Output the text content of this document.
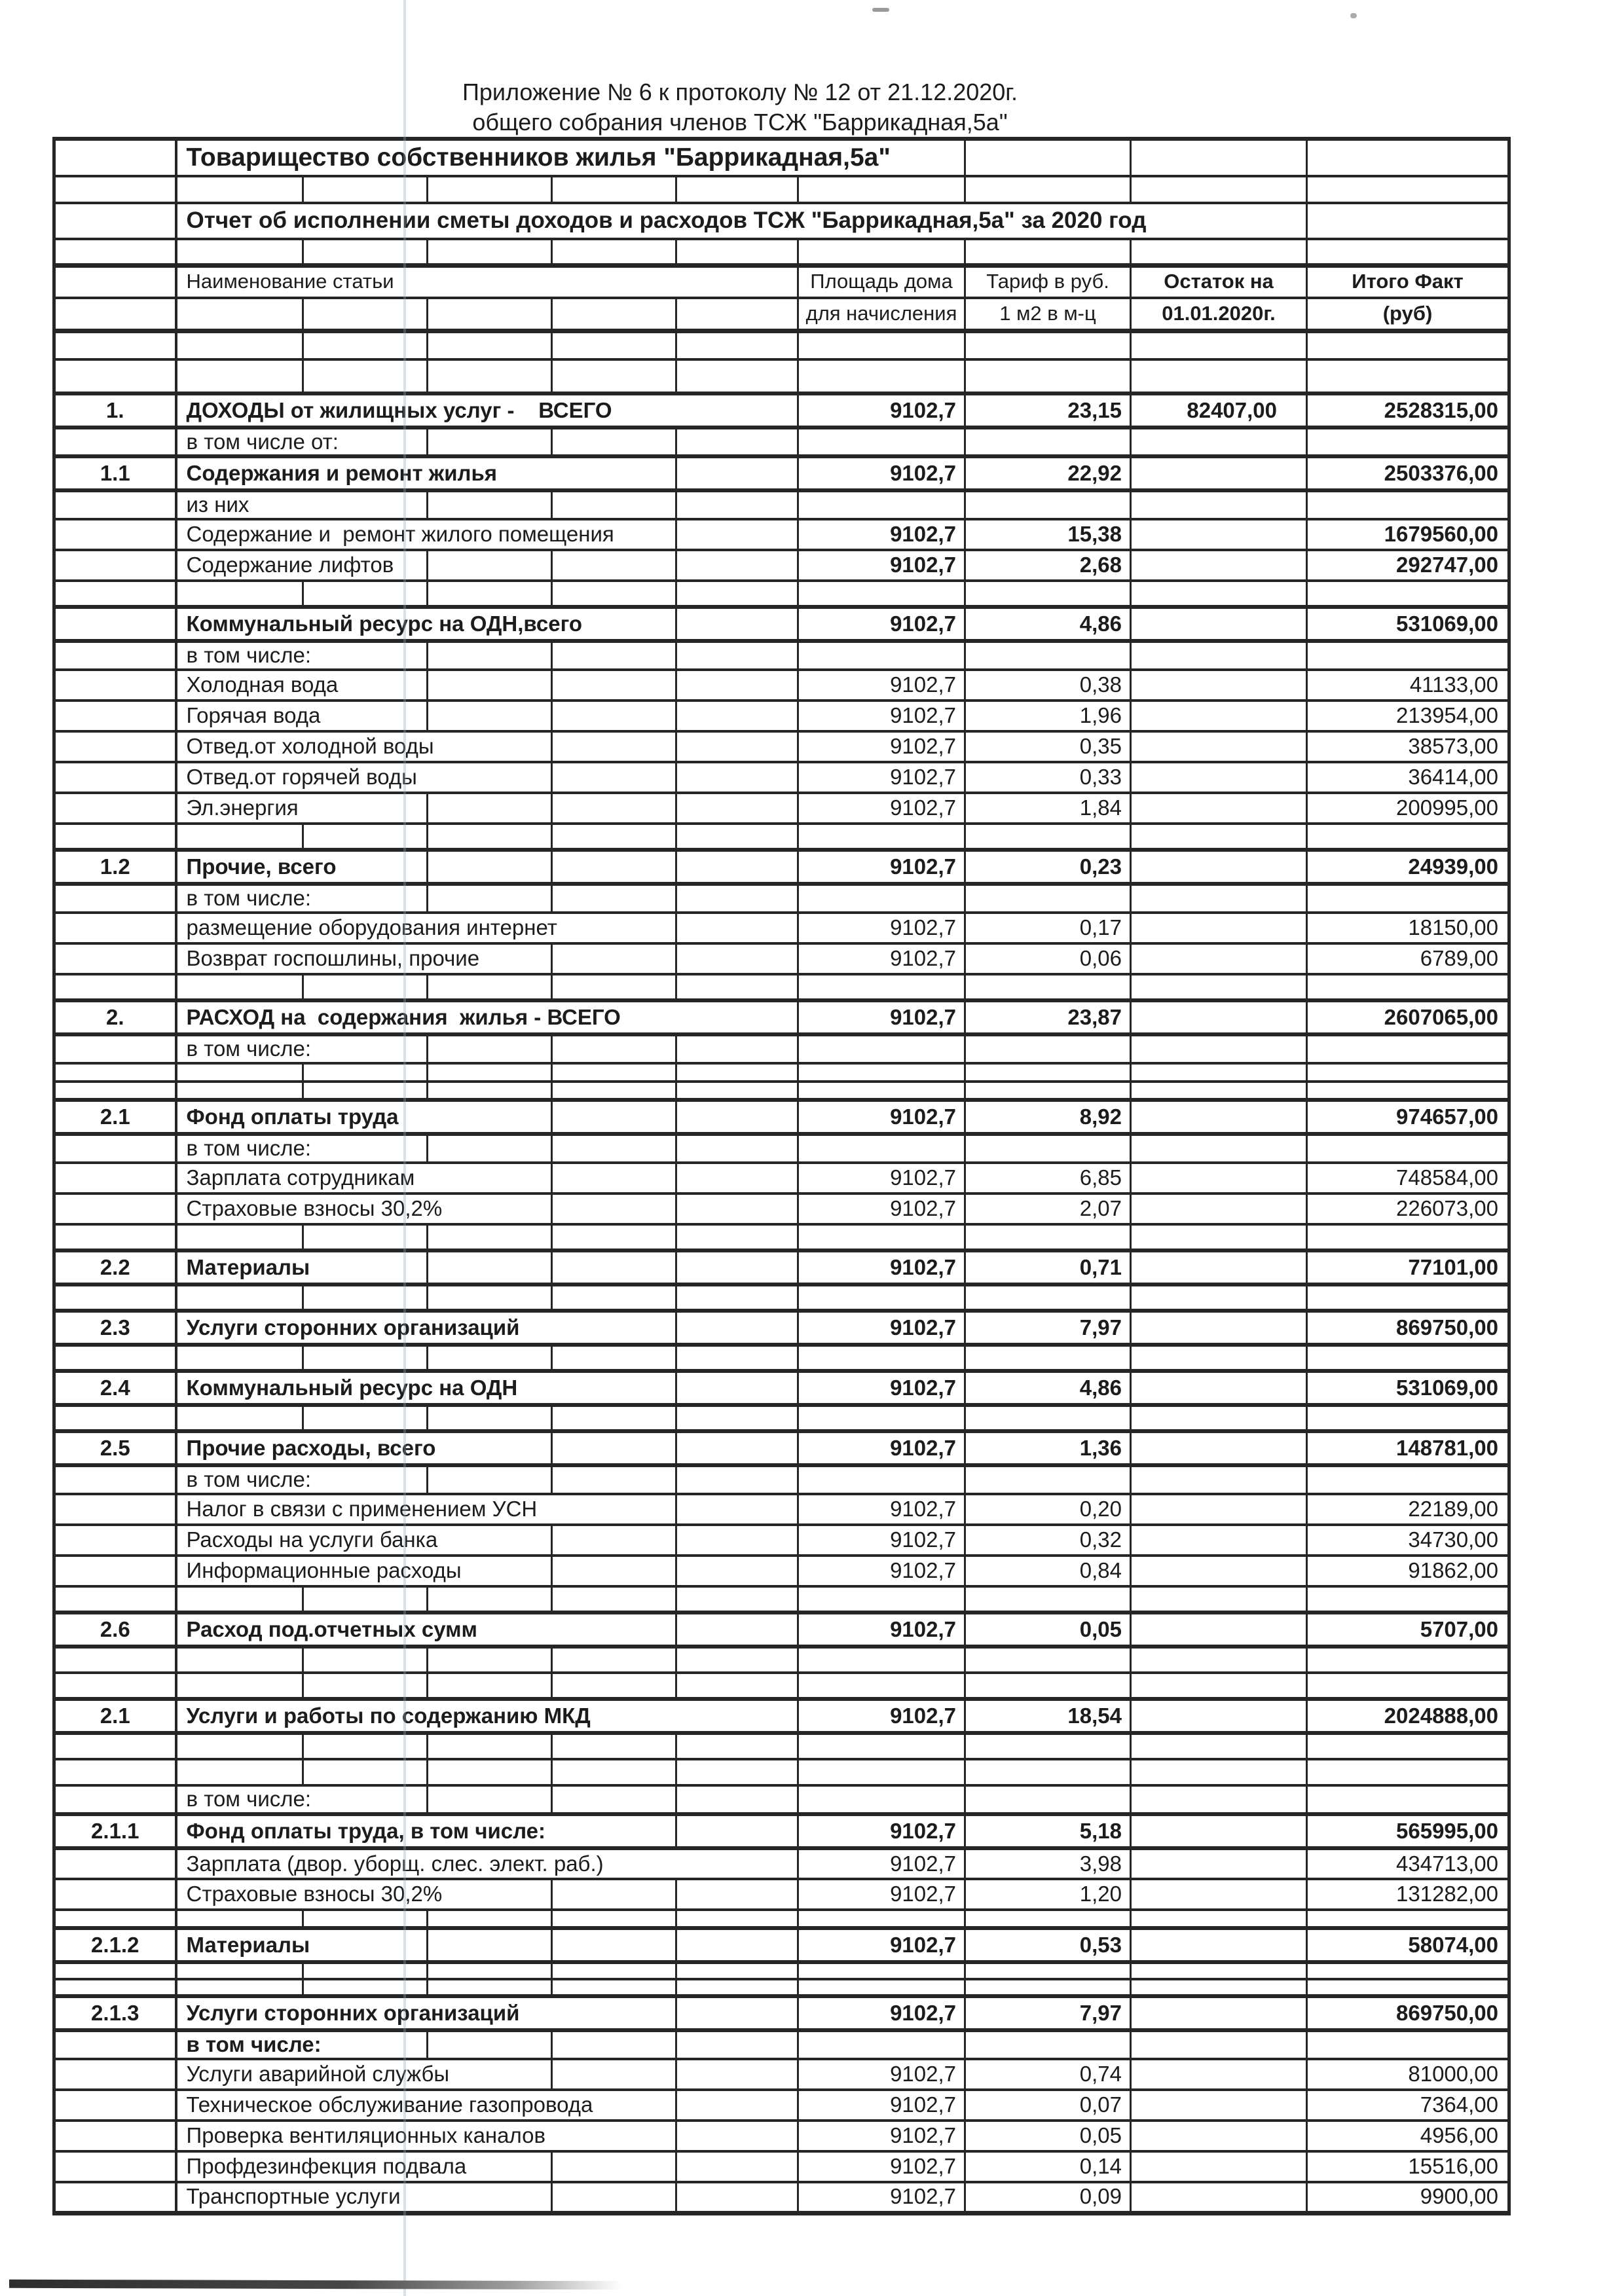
Приложение № 6 к протоколу № 12 от 21.12.2020г.

общего собрания членов ТСЖ "Баррикадная,5а"

	Товарищество собственников жилья "Баррикадная,5а"								

	Отчет об исполнении сметы доходов и расходов ТСЖ "Баррикадная,5а" за 2020 год								

	Наименование статьи					Площадь дома	Тариф в руб.	Остаток на	Итого Факт
						для начисления	1 м2 в м-ц	01.01.2020г.	(руб)

1.	ДОХОДЫ от жилищных услуг -    ВСЕГО					9102,7	23,15	82407,00	2528315,00
	в том числе от:								
1.1	Содержания и ремонт жилья					9102,7	22,92		2503376,00
	из них								
	Содержание и  ремонт жилого помещения					9102,7	15,38		1679560,00
	Содержание лифтов					9102,7	2,68		292747,00

	Коммунальный ресурс на ОДН,всего					9102,7	4,86		531069,00
	в том числе:								
	Холодная вода					9102,7	0,38		41133,00
	Горячая вода					9102,7	1,96		213954,00
	Отвед.от холодной воды					9102,7	0,35		38573,00
	Отвед.от горячей воды					9102,7	0,33		36414,00
	Эл.энергия					9102,7	1,84		200995,00

1.2	Прочие, всего					9102,7	0,23		24939,00
	в том числе:								
	размещение оборудования интернет					9102,7	0,17		18150,00
	Возврат госпошлины, прочие					9102,7	0,06		6789,00

2.	РАСХОД на  содержания  жилья - ВСЕГО					9102,7	23,87		2607065,00
	в том числе:								

2.1	Фонд оплаты труда					9102,7	8,92		974657,00
	в том числе:								
	Зарплата сотрудникам					9102,7	6,85		748584,00
	Страховые взносы 30,2%					9102,7	2,07		226073,00

2.2	Материалы					9102,7	0,71		77101,00

2.3	Услуги сторонних организаций					9102,7	7,97		869750,00

2.4	Коммунальный ресурс на ОДН					9102,7	4,86		531069,00

2.5	Прочие расходы, всего					9102,7	1,36		148781,00
	в том числе:								
	Налог в связи с применением УСН					9102,7	0,20		22189,00
	Расходы на услуги банка					9102,7	0,32		34730,00
	Информационные расходы					9102,7	0,84		91862,00

2.6	Расход под.отчетных сумм					9102,7	0,05		5707,00

2.1	Услуги и работы по содержанию МКД					9102,7	18,54		2024888,00

	в том числе:								
2.1.1	Фонд оплаты труда, в том числе:					9102,7	5,18		565995,00
	Зарплата (двор. уборщ. слес. элект. раб.)					9102,7	3,98		434713,00
	Страховые взносы 30,2%					9102,7	1,20		131282,00

2.1.2	Материалы					9102,7	0,53		58074,00

2.1.3	Услуги сторонних организаций					9102,7	7,97		869750,00
	в том числе:								
	Услуги аварийной службы					9102,7	0,74		81000,00
	Техническое обслуживание газопровода					9102,7	0,07		7364,00
	Проверка вентиляционных каналов					9102,7	0,05		4956,00
	Профдезинфекция подвала					9102,7	0,14		15516,00
	Транспортные услуги					9102,7	0,09		9900,00
